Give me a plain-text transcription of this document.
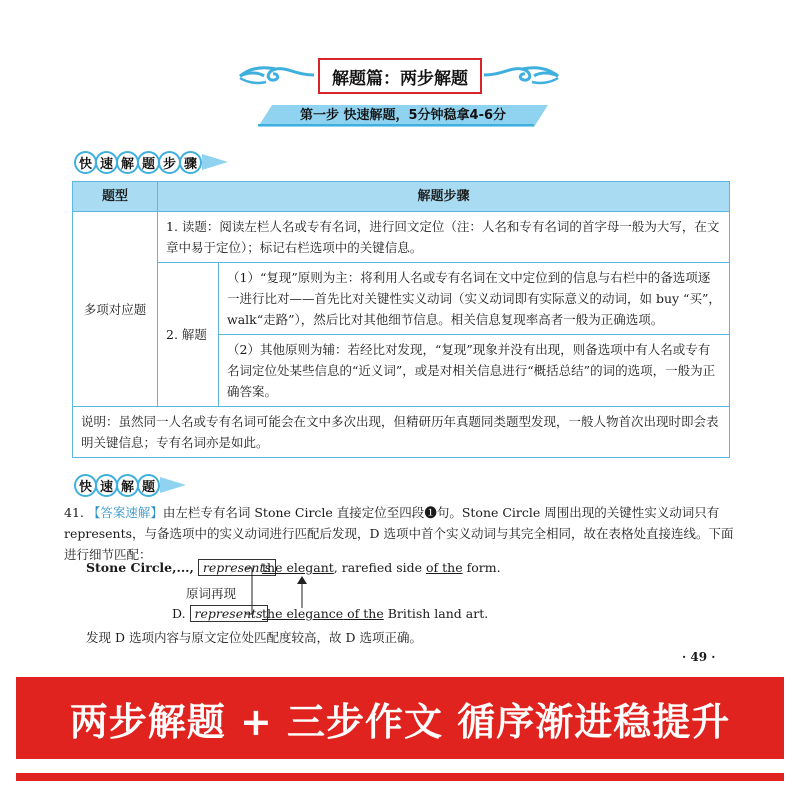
解题篇：两步解题
第一步 快速解题，5分钟稳拿4-6分
快 速 解 题 步 骤
题型	解题步骤	
多项对应题	1. 读题：阅读左栏人名或专有名词，进行回文定位（注：人名和专有名词的首字母一般为大写，在文章中易于定位）；标记右栏选项中的关键信息。	
	2. 解题	（1）“复现”原则为主：将利用人名或专有名词在文中定位到的信息与右栏中的备选项逐一进行比对——首先比对关键性实义动词（实义动词即有实际意义的动词，如 buy “买”，walk“走路”），然后比对其他细节信息。相关信息复现率高者一般为正确选项。
		（2）其他原则为辅：若经比对发现，“复现”现象并没有出现，则备选项中有人名或专有名词定位处某些信息的“近义词”，或是对相关信息进行“概括总结”的词的选项，一般为正确答案。
说明：虽然同一人名或专有名词可能会在文中多次出现，但精研历年真题同类题型发现，一般人物首次出现时即会表明关键信息；专有名词亦是如此。		
快 速 解 题
41. 【答案速解】由左栏专有名词 Stone Circle 直接定位至四段❶句。Stone Circle 周围出现的关键性实义动词只有 represents，与备选项中的实义动词进行匹配后发现，D 选项中首个实义动词与其完全相同，故在表格处直接连线。下面进行细节匹配：
Stone Circle,..., represents
the elegant, rarefied side of the form.
原词再现
D. represents the elegance of the British land art.
发现 D 选项内容与原文定位处匹配度较高，故 D 选项正确。
· 49 ·
两步解题 + 三步作文 循序渐进稳提升
